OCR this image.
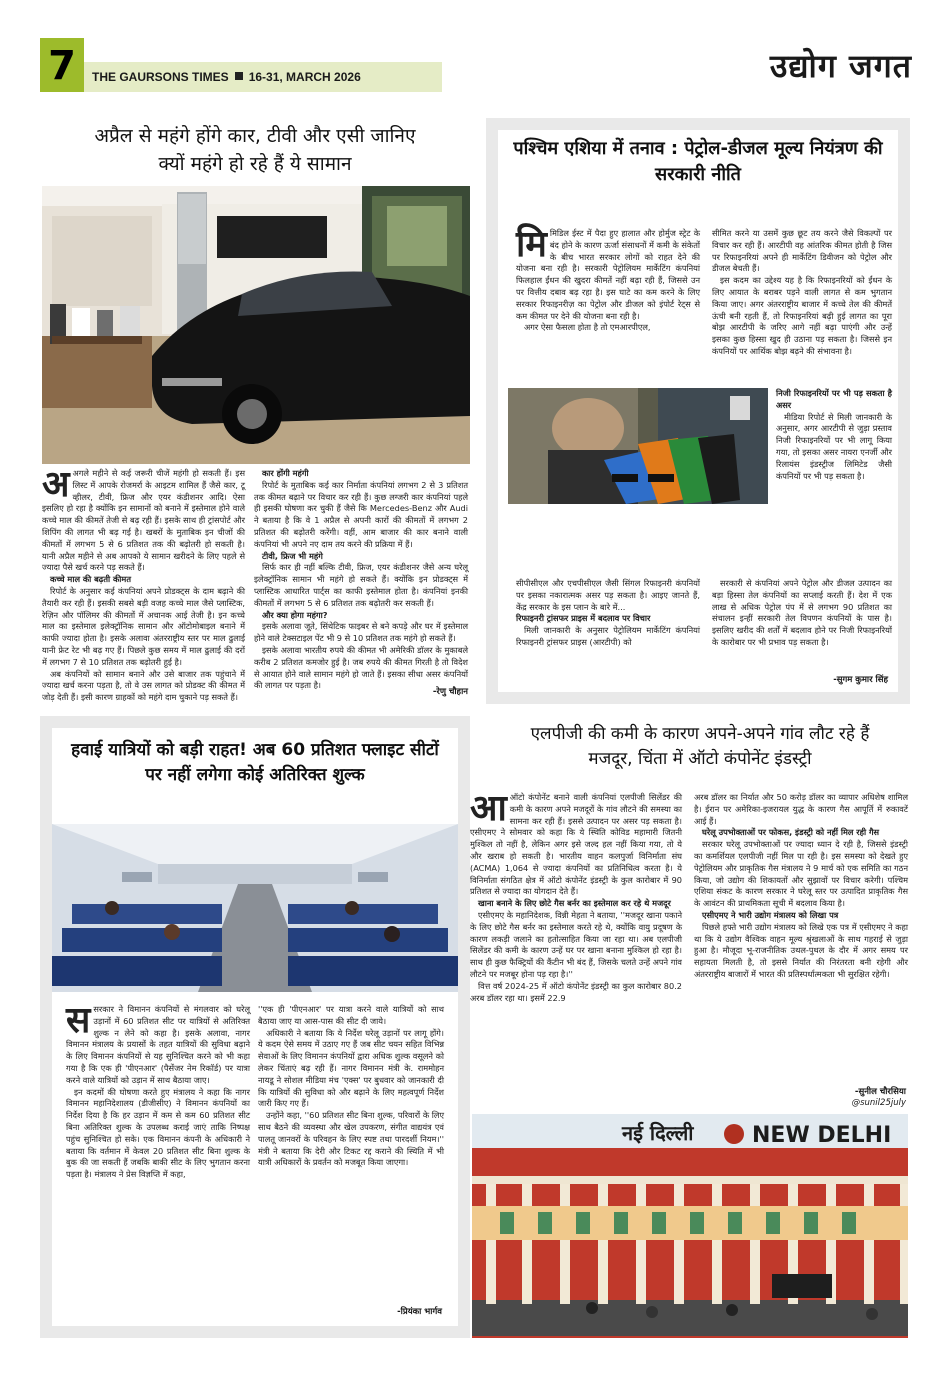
7	THE GAURSONS TIMES 16-31, MARCH 2026	उद्योग जगत
अप्रैल से महंगे होंगे कार, टीवी और एसी जानिए क्यों महंगे हो रहे हैं ये सामान

अअगले महीने से कई जरूरी चीजें महंगी हो सकती हैं। इस लिस्ट में आपके रोजमर्रा के आइटम शामिल हैं जैसे कार, टू व्हीलर, टीवी, फ्रिज और एयर कंडीशनर आदि। ऐसा इसलिए हो रहा है क्योंकि इन सामानों को बनाने में इस्तेमाल होने वाले कच्चे माल की कीमतें तेजी से बढ़ रही हैं। इसके साथ ही ट्रांसपोर्ट और शिपिंग की लागत भी बढ़ गई है। खबरों के मुताबिक इन चीजों की कीमतों में लगभग 5 से 6 प्रतिशत तक की बढ़ोतरी हो सकती है। यानी अप्रैल महीने से अब आपको ये सामान खरीदने के लिए पहले से ज्यादा पैसे खर्च करने पड़ सकते हैं।

कच्चे माल की बढ़ती कीमत

रिपोर्ट के अनुसार कई कंपनियां अपने प्रोडक्ट्स के दाम बढ़ाने की तैयारी कर रही हैं। इसकी सबसे बड़ी वजह कच्चे माल जैसे प्लास्टिक, रेज़िन और पॉलिमर की कीमतों में अचानक आई तेजी है। इन कच्चे माल का इस्तेमाल इलेक्ट्रॉनिक सामान और ऑटोमोबाइल बनाने में काफी ज्यादा होता है। इसके अलावा अंतरराष्ट्रीय स्तर पर माल ढुलाई यानी फ्रेट रेट भी बढ़ गए हैं। पिछले कुछ समय में माल ढुलाई की दरों में लगभग 7 से 10 प्रतिशत तक बढ़ोतरी हुई है।

अब कंपनियों को सामान बनाने और उसे बाजार तक पहुंचाने में ज्यादा खर्च करना पड़ता है, तो वे उस लागत को प्रोडक्ट की कीमत में जोड़ देती हैं। इसी कारण ग्राहकों को महंगे दाम चुकाने पड़ सकते हैं।

कार होंगी महंगी

रिपोर्ट के मुताबिक कई कार निर्माता कंपनियां लगभग 2 से 3 प्रतिशत तक कीमत बढ़ाने पर विचार कर रही हैं। कुछ लग्जरी कार कंपनियां पहले ही इसकी घोषणा कर चुकी हैं जैसे कि Mercedes-Benz और Audi ने बताया है कि वे 1 अप्रैल से अपनी कारों की कीमतों में लगभग 2 प्रतिशत की बढ़ोतरी करेंगी। वहीं, आम बाजार की कार बनाने वाली कंपनियां भी अपने नए दाम तय करने की प्रक्रिया में हैं।

टीवी, फ्रिज भी महंगे

सिर्फ कार ही नहीं बल्कि टीवी, फ्रिज, एयर कंडीशनर जैसे अन्य घरेलू इलेक्ट्रॉनिक सामान भी महंगे हो सकते हैं। क्योंकि इन प्रोडक्ट्स में प्लास्टिक आधारित पार्ट्स का काफी इस्तेमाल होता है। कंपनियां इनकी कीमतों में लगभग 5 से 6 प्रतिशत तक बढ़ोतरी कर सकती हैं।

और क्या होगा महंगा?

इसके अलावा जूते, सिंथेटिक फाइबर से बने कपड़े और घर में इस्तेमाल होने वाले टेक्सटाइल पेंट भी 9 से 10 प्रतिशत तक महंगे हो सकते हैं।

इसके अलावा भारतीय रुपये की कीमत भी अमेरिकी डॉलर के मुकाबले करीब 2 प्रतिशत कमजोर हुई है। जब रुपये की कीमत गिरती है तो विदेश से आयात होने वाले सामान महंगे हो जाते हैं। इसका सीधा असर कंपनियों की लागत पर पड़ता है।

-रेणु चौहान
पश्चिम एशिया में तनाव : पेट्रोल-डीजल मूल्य नियंत्रण की सरकारी नीति

मिमिडिल ईस्ट में पैदा हुए हालात और होर्मुज स्ट्रेट के बंद होने के कारण ऊर्जा संसाधनों में कमी के संकेतों के बीच भारत सरकार लोगों को राहत देने की योजना बना रही है। सरकारी पेट्रोलियम मार्केटिंग कंपनियां फिलहाल ईंधन की खुदरा कीमतें नहीं बढ़ा रही हैं, जिससे उन पर वित्तीय दबाव बढ़ रहा है। इस घाटे का कम करने के लिए सरकार रिफाइनरीज़ का पेट्रोल और डीजल को इंपोर्ट रेट्स से कम कीमत पर देने की योजना बना रही है।

अगर ऐसा फैसला होता है तो एमआरपीएल,

सीपीसीएल और एचपीसीएल जैसी सिंगल रिफाइनरी कंपनियों पर इसका नकारात्मक असर पड़ सकता है। आइए जानते हैं, केंद्र सरकार के इस प्लान के बारे में...

रिफाइनरी ट्रांसफर प्राइस में बदलाव पर विचार

मिली जानकारी के अनुसार पेट्रोलियम मार्केटिंग कंपनियां रिफाइनरी ट्रांसफर प्राइस (आरटीपी) को

सीमित करने या उसमें कुछ छूट तय करने जैसे विकल्पों पर विचार कर रही हैं। आरटीपी वह आंतरिक कीमत होती है जिस पर रिफाइनरियां अपने ही मार्केटिंग डिवीजन को पेट्रोल और डीजल बेचती हैं।

इस कदम का उद्देश्य यह है कि रिफाइनरियों को ईंधन के लिए आयात के बराबर पड़ने वाली लागत से कम भुगतान किया जाए। अगर अंतरराष्ट्रीय बाजार में कच्चे तेल की कीमतें ऊंची बनी रहती हैं, तो रिफाइनरियां बढ़ी हुई लागत का पूरा बोझ आरटीपी के जरिए आगे नहीं बढ़ा पाएंगी और उन्हें इसका कुछ हिस्सा खुद ही उठाना पड़ सकता है। जिससे इन कंपनियों पर आर्थिक बोझ बढ़ने की संभावना है।

निजी रिफाइनरियों पर भी पड़ सकता है असर

मीडिया रिपोर्ट से मिली जानकारी के अनुसार, अगर आरटीपी से जुड़ा प्रस्ताव निजी रिफाइनरियों पर भी लागू किया गया, तो इसका असर नायरा एनर्जी और रिलायंस इंडस्ट्रीज लिमिटेड जैसी कंपनियों पर भी पड़ सकता है।

सरकारी से कंपनियां अपने पेट्रोल और डीजल उत्पादन का बड़ा हिस्सा तेल कंपनियों का सप्लाई करती हैं। देश में एक लाख से अधिक पेट्रोल पंप में से लगभग 90 प्रतिशत का संचालन इन्हीं सरकारी तेल विपणन कंपनियों के पास है। इसलिए खरीद की शर्तों में बदलाव होने पर निजी रिफाइनरियों के कारोबार पर भी प्रभाव पड़ सकता है।

-सुगम कुमार सिंह
हवाई यात्रियों को बड़ी राहत! अब 60 प्रतिशत फ्लाइट सीटों पर नहीं लगेगा कोई अतिरिक्त शुल्क

ससरकार ने विमानन कंपनियों से मंगलवार को घरेलू उड़ानों में 60 प्रतिशत सीट पर यात्रियों से अतिरिक्त शुल्क न लेने को कहा है। इसके अलावा, नागर विमानन मंत्रालय के प्रयासों के तहत यात्रियों की सुविधा बढ़ाने के लिए विमानन कंपनियों से यह सुनिश्चित करने को भी कहा गया है कि एक ही 'पीएनआर' (पैसेंजर नेम रिकॉर्ड) पर यात्रा करने वाले यात्रियों को उड़ान में साथ बैठाया जाए।

इन कदमों की घोषणा करते हुए मंत्रालय ने कहा कि नागर विमानन महानिदेशालय (डीजीसीए) ने विमानन कंपनियों का निर्देश दिया है कि हर उड़ान में कम से कम 60 प्रतिशत सीट बिना अतिरिक्त शुल्क के उपलब्ध कराई जाएं ताकि निष्पक्ष पहुंच सुनिश्चित हो सके। एक विमानन कंपनी के अधिकारी ने बताया कि वर्तमान में केवल 20 प्रतिशत सीट बिना शुल्क के बुक की जा सकती हैं जबकि बाकी सीट के लिए भुगतान करना पड़ता है। मंत्रालय ने प्रेस विज्ञप्ति में कहा,

''एक ही 'पीएनआर' पर यात्रा करने वाले यात्रियों को साथ बैठाया जाए या आस-पास की सीट दी जाये।

अधिकारी ने बताया कि ये निर्देश घरेलू उड़ानों पर लागू होंगे। ये कदम ऐसे समय में उठाए गए हैं जब सीट चयन सहित विभिन्न सेवाओं के लिए विमानन कंपनियों द्वारा अधिक शुल्क वसूलने को लेकर चिंताएं बढ़ रही हैं। नागर विमानन मंत्री के. राममोहन नायडू ने सोशल मीडिया मंच 'एक्स' पर बुधवार को जानकारी दी कि यात्रियों की सुविधा को और बढ़ाने के लिए महत्वपूर्ण निर्देश जारी किए गए हैं।

उन्होंने कहा, ''60 प्रतिशत सीट बिना शुल्क, परिवारों के लिए साथ बैठने की व्यवस्था और खेल उपकरण, संगीत वाद्ययंत्र एवं पालतू जानवरों के परिवहन के लिए स्पष्ट तथा पारदर्शी नियम।'' मंत्री ने बताया कि देरी और टिकट रद्द कराने की स्थिति में भी यात्री अधिकारों के प्रवर्तन को मजबूत किया जाएगा।

-प्रियंका भार्गव
एलपीजी की कमी के कारण अपने-अपने गांव लौट रहे हैं मजदूर, चिंता में ऑटो कंपोनेंट इंडस्ट्री

आऑटो कंपोनेंट बनाने वाली कंपनियां एलपीजी सिलेंडर की कमी के कारण अपने मजदूरों के गांव लौटने की समस्या का सामना कर रही हैं। इससे उत्पादन पर असर पड़ सकता है। एसीएमए ने सोमवार को कहा कि ये स्थिति कोविड महामारी जितनी मुश्किल तो नहीं है, लेकिन अगर इसे जल्द हल नहीं किया गया, तो ये और खराब हो सकती है। भारतीय वाहन कलपुर्जा विनिर्माता संघ (ACMA) 1,064 से ज्यादा कंपनियों का प्रतिनिधित्व करता है। ये विनिर्माता संगठित क्षेत्र में ऑटो कंपोनेंट इंडस्ट्री के कुल कारोबार में 90 प्रतिशत से ज्यादा का योगदान देते हैं।

खाना बनाने के लिए छोटे गैस बर्नर का इस्तेमाल कर रहे थे मजदूर

एसीएमए के महानिदेशक, विन्नी मेहता ने बताया, ''मजदूर खाना पकाने के लिए छोटे गैस बर्नर का इस्तेमाल करते रहे थे, क्योंकि वायु प्रदूषण के कारण लकड़ी जलाने का हतोत्साहित किया जा रहा था। अब एलपीजी सिलेंडर की कमी के कारण उन्हें घर पर खाना बनाना मुश्किल हो रहा है। साथ ही कुछ फैक्ट्रियों की कैंटीन भी बंद हैं, जिसके चलते उन्हें अपने गांव लौटने पर मजबूर होना पड़ रहा है।''

वित्त वर्ष 2024-25 में ऑटो कंपोनेंट इंडस्ट्री का कुल कारोबार 80.2 अरब डॉलर रहा था। इसमें 22.9

अरब डॉलर का निर्यात और 50 करोड़ डॉलर का व्यापार अधिशेष शामिल है। ईरान पर अमेरिका-इजरायल युद्ध के कारण गैस आपूर्ति में रुकावटें आई हैं।

घरेलू उपभोक्ताओं पर फोकस, इंडस्ट्री को नहीं मिल रही गैस

सरकार घरेलू उपभोक्ताओं पर ज्यादा ध्यान दे रही है, जिससे इंडस्ट्री का कमर्शियल एलपीजी नहीं मिल पा रही है। इस समस्या को देखते हुए पेट्रोलियम और प्राकृतिक गैस मंत्रालय ने 9 मार्च को एक समिति का गठन किया, जो उद्योग की शिकायतों और सुझावों पर विचार करेगी। पश्चिम एशिया संकट के कारण सरकार ने घरेलू स्तर पर उत्पादित प्राकृतिक गैस के आवंटन की प्राथमिकता सूची में बदलाव किया है।

एसीएमए ने भारी उद्योग मंत्रालय को लिखा पत्र

पिछले हफ्ते भारी उद्योग मंत्रालय को लिखे एक पत्र में एसीएमए ने कहा था कि ये उद्योग वैश्विक वाहन मूल्य श्रृंखलाओं के साथ गहराई से जुड़ा हुआ है। मौजूदा भू-राजनीतिक उथल-पुथल के दौर में अगर समय पर सहायता मिलती है, तो इससे निर्यात की निरंतरता बनी रहेगी और अंतरराष्ट्रीय बाजारों में भारत की प्रतिस्पर्धात्मकता भी सुरक्षित रहेगी।

-सुनील चौरसिया
@sunil25july
नई दिल्ली	NEW DELHI
